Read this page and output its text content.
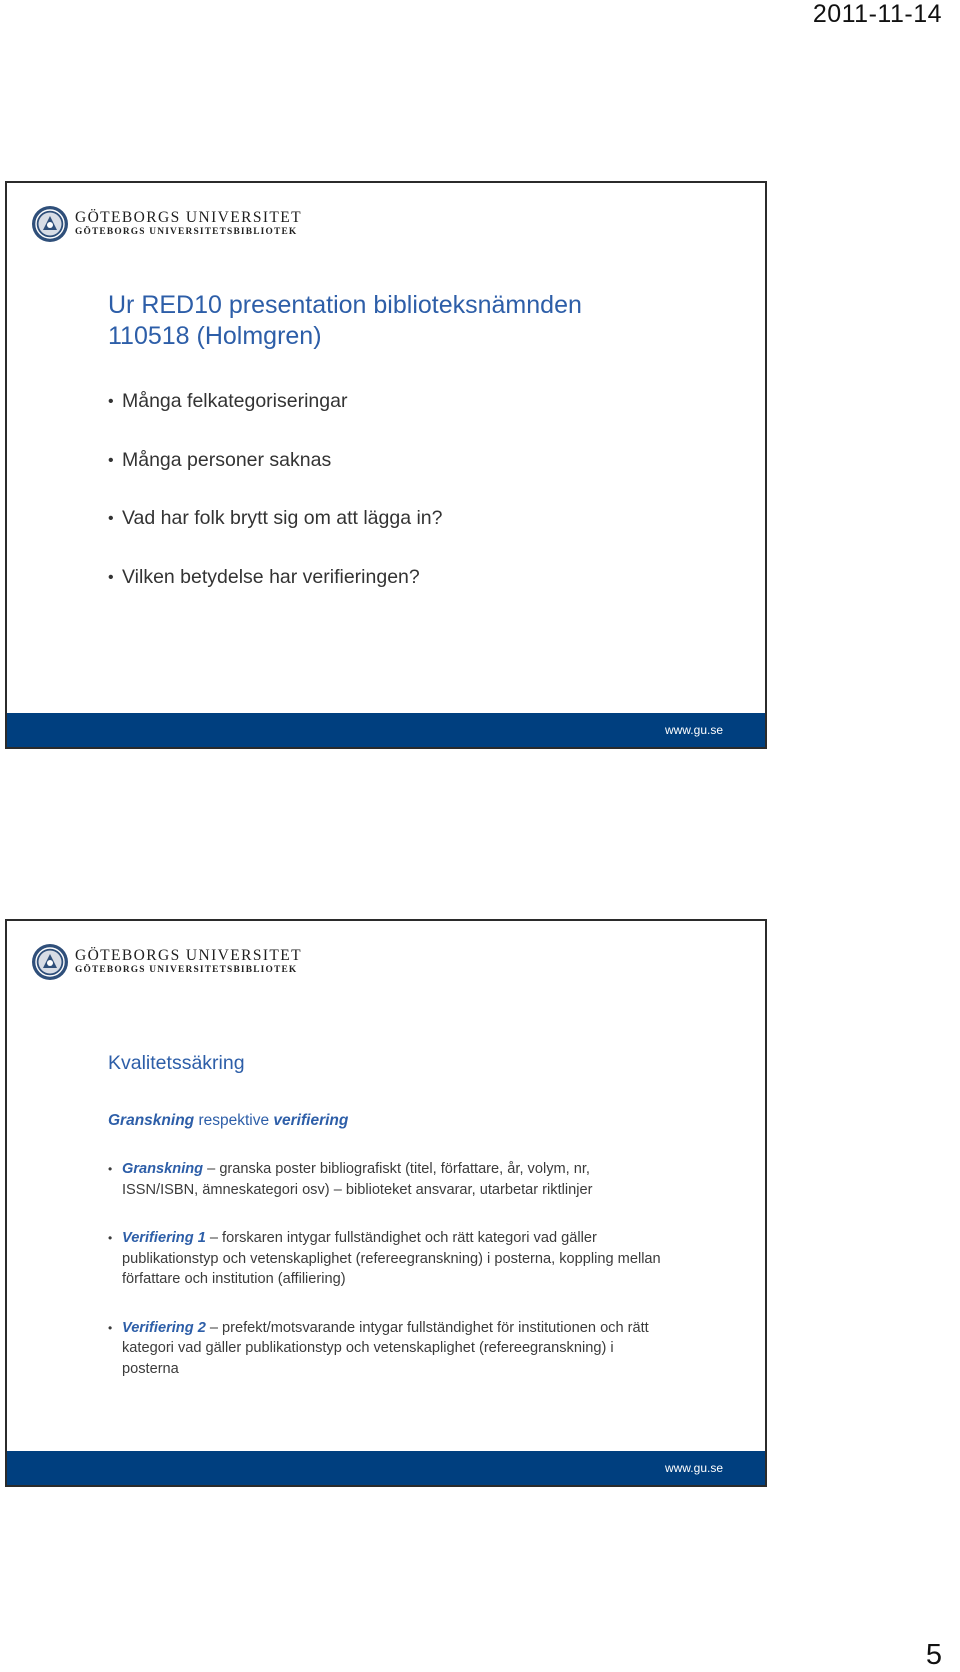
2011-11-14
GÖTEBORGS UNIVERSITET
GÖTEBORGS UNIVERSITETSBIBLIOTEK
Ur RED10 presentation biblioteksnämnden
110518 (Holmgren)
• Många felkategoriseringar
• Många personer saknas
• Vad har folk brytt sig om att lägga in?
• Vilken betydelse har verifieringen?
www.gu.se
GÖTEBORGS UNIVERSITET
GÖTEBORGS UNIVERSITETSBIBLIOTEK
Kvalitetssäkring
Granskning respektive verifiering
• Granskning – granska poster bibliografiskt (titel, författare, år, volym, nr, ISSN/ISBN, ämneskategori osv) – biblioteket ansvarar, utarbetar riktlinjer
• Verifiering 1 – forskaren intygar fullständighet och rätt kategori vad gäller publikationstyp och vetenskaplighet (refereegranskning) i posterna, koppling mellan författare och institution (affiliering)
• Verifiering 2 – prefekt/motsvarande intygar fullständighet för institutionen och rätt kategori vad gäller publikationstyp och vetenskaplighet (refereegranskning) i posterna
www.gu.se
5
